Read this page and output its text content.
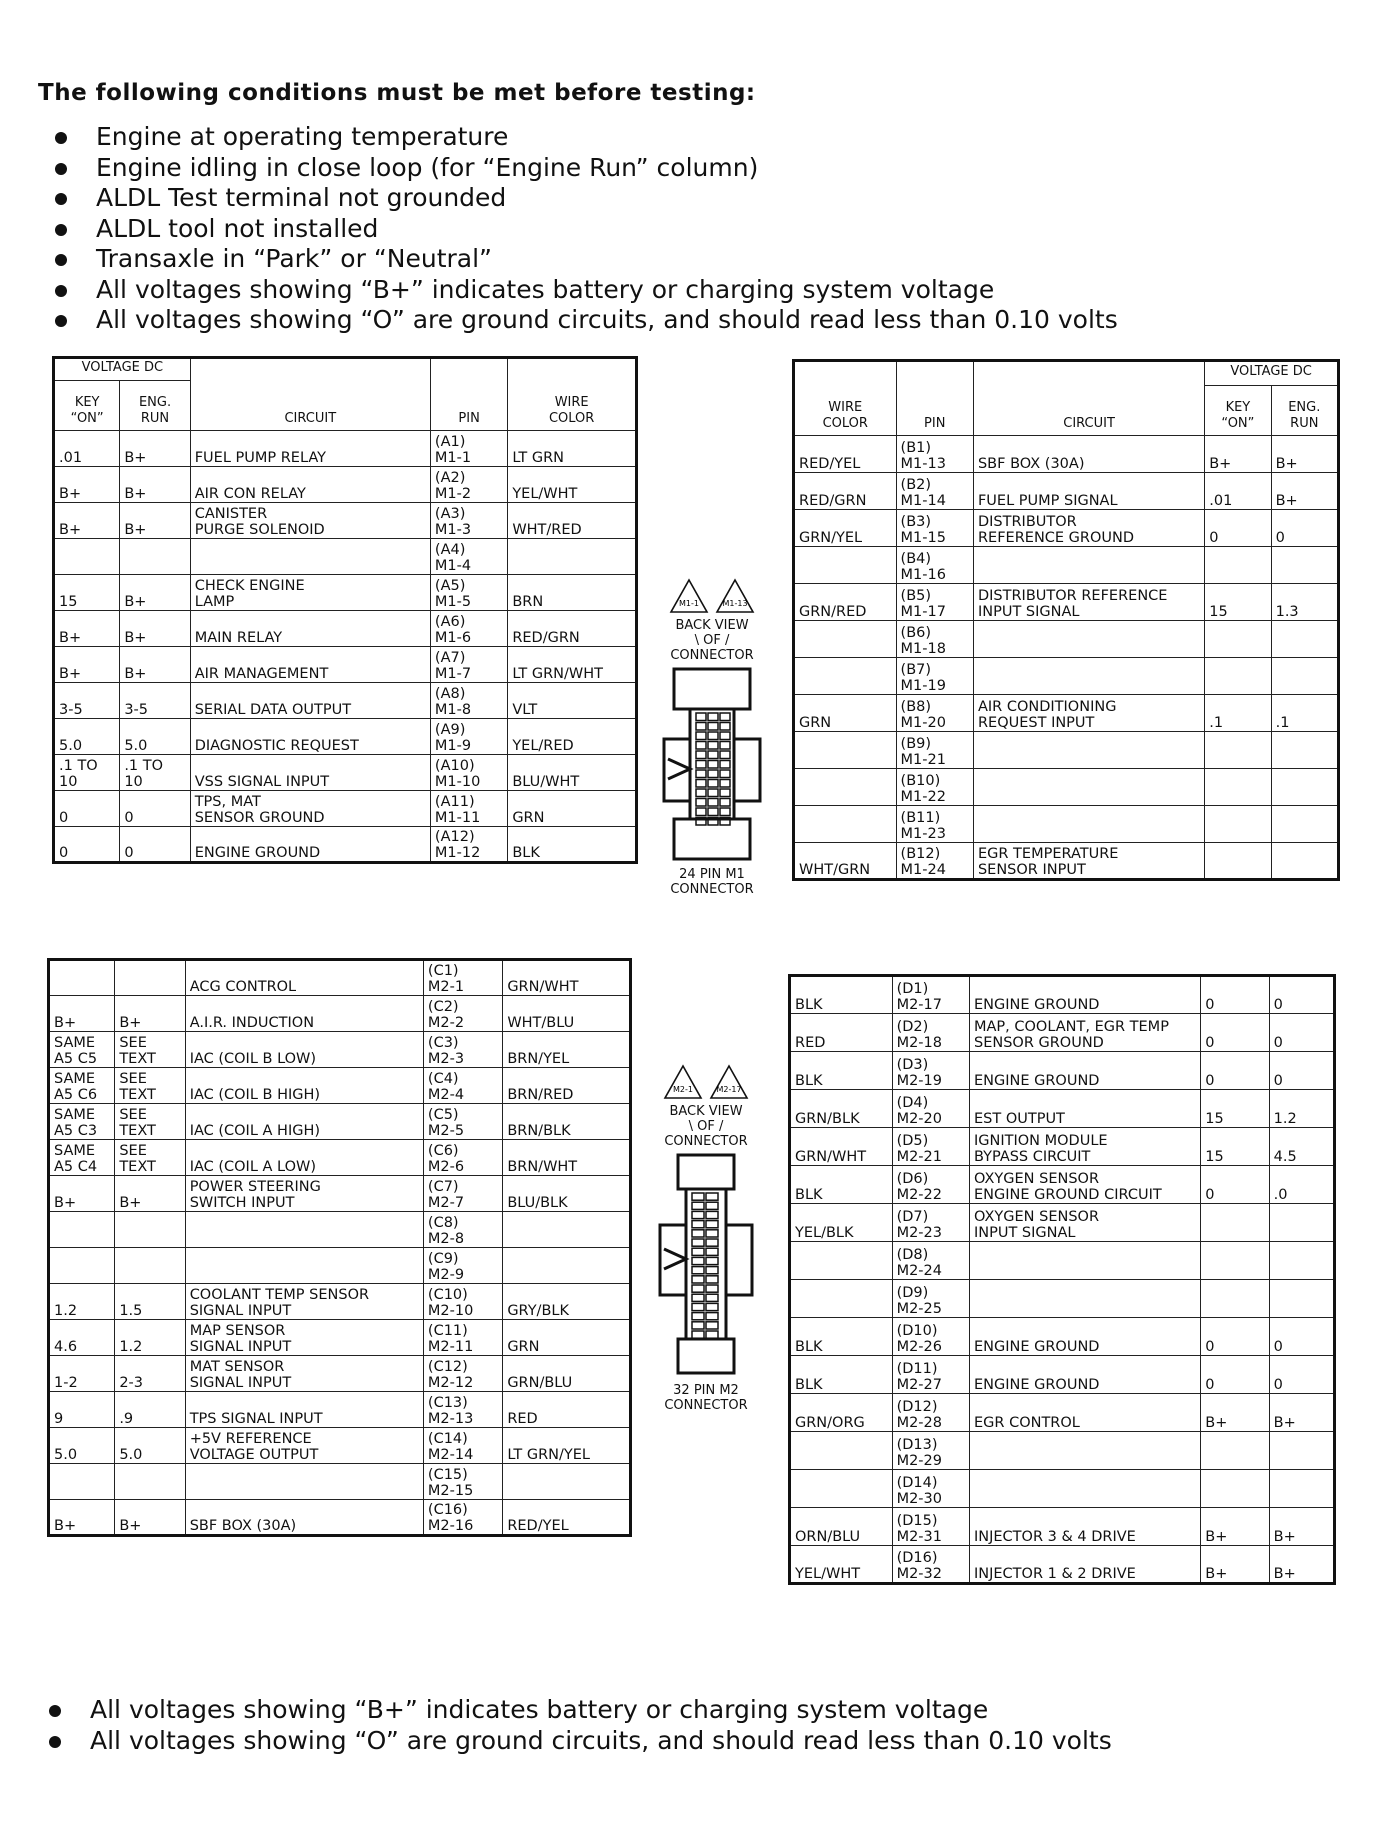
The following conditions must be met before testing:
Engine at operating temperature
Engine idling in close loop (for “Engine Run” column)
ALDL Test terminal not grounded
ALDL tool not installed
Transaxle in “Park” or “Neutral”
All voltages showing “B+” indicates battery or charging system voltage
All voltages showing “O” are ground circuits, and should read less than 0.10 volts
VOLTAGE DC		CIRCUIT	PIN	WIRE
COLOR
KEY
“ON”	ENG.
RUN			
.01	B+	FUEL PUMP RELAY	(A1)
M1-1	LT GRN
B+	B+	AIR CON RELAY	(A2)
M1-2	YEL/WHT
B+	B+	CANISTER
PURGE SOLENOID	(A3)
M1-3	WHT/RED
			(A4)
M1-4	
15	B+	CHECK ENGINE
LAMP	(A5)
M1-5	BRN
B+	B+	MAIN RELAY	(A6)
M1-6	RED/GRN
B+	B+	AIR MANAGEMENT	(A7)
M1-7	LT GRN/WHT
3-5	3-5	SERIAL DATA OUTPUT	(A8)
M1-8	VLT
5.0	5.0	DIAGNOSTIC REQUEST	(A9)
M1-9	YEL/RED
.1 TO
10	.1 TO
10	VSS SIGNAL INPUT	(A10)
M1-10	BLU/WHT
0	0	TPS, MAT
SENSOR GROUND	(A11)
M1-11	GRN
0	0	ENGINE GROUND	(A12)
M1-12	BLK
		ACG CONTROL	(C1)
M2-1	GRN/WHT
B+	B+	A.I.R. INDUCTION	(C2)
M2-2	WHT/BLU
SAME
A5 C5	SEE
TEXT	IAC (COIL B LOW)	(C3)
M2-3	BRN/YEL
SAME
A5 C6	SEE
TEXT	IAC (COIL B HIGH)	(C4)
M2-4	BRN/RED
SAME
A5 C3	SEE
TEXT	IAC (COIL A HIGH)	(C5)
M2-5	BRN/BLK
SAME
A5 C4	SEE
TEXT	IAC (COIL A LOW)	(C6)
M2-6	BRN/WHT
B+	B+	POWER STEERING
SWITCH INPUT	(C7)
M2-7	BLU/BLK
			(C8)
M2-8	
			(C9)
M2-9	
1.2	1.5	COOLANT TEMP SENSOR
SIGNAL INPUT	(C10)
M2-10	GRY/BLK
4.6	1.2	MAP SENSOR
SIGNAL INPUT	(C11)
M2-11	GRN
1-2	2-3	MAT SENSOR
SIGNAL INPUT	(C12)
M2-12	GRN/BLU
9	.9	TPS SIGNAL INPUT	(C13)
M2-13	RED
5.0	5.0	+5V REFERENCE
VOLTAGE OUTPUT	(C14)
M2-14	LT GRN/YEL
			(C15)
M2-15	
B+	B+	SBF BOX (30A)	(C16)
M2-16	RED/YEL
WIRE
COLOR	PIN	CIRCUIT	VOLTAGE DC	
			KEY
“ON”	ENG.
RUN
RED/YEL	(B1)
M1-13	SBF BOX (30A)	B+	B+
RED/GRN	(B2)
M1-14	FUEL PUMP SIGNAL	.01	B+
GRN/YEL	(B3)
M1-15	DISTRIBUTOR
REFERENCE GROUND	0	0
	(B4)
M1-16			
GRN/RED	(B5)
M1-17	DISTRIBUTOR REFERENCE
INPUT SIGNAL	15	1.3
	(B6)
M1-18			
	(B7)
M1-19			
GRN	(B8)
M1-20	AIR CONDITIONING
REQUEST INPUT	.1	.1
	(B9)
M1-21			
	(B10)
M1-22			
	(B11)
M1-23			
WHT/GRN	(B12)
M1-24	EGR TEMPERATURE
SENSOR INPUT		
BLK	(D1)
M2-17	ENGINE GROUND	0	0
RED	(D2)
M2-18	MAP, COOLANT, EGR TEMP
SENSOR GROUND	0	0
BLK	(D3)
M2-19	ENGINE GROUND	0	0
GRN/BLK	(D4)
M2-20	EST OUTPUT	15	1.2
GRN/WHT	(D5)
M2-21	IGNITION MODULE
BYPASS CIRCUIT	15	4.5
BLK	(D6)
M2-22	OXYGEN SENSOR
ENGINE GROUND CIRCUIT	0	.0
YEL/BLK	(D7)
M2-23	OXYGEN SENSOR
INPUT SIGNAL		
	(D8)
M2-24			
	(D9)
M2-25			
BLK	(D10)
M2-26	ENGINE GROUND	0	0
BLK	(D11)
M2-27	ENGINE GROUND	0	0
GRN/ORG	(D12)
M2-28	EGR CONTROL	B+	B+
	(D13)
M2-29			
	(D14)
M2-30			
ORN/BLU	(D15)
M2-31	INJECTOR 3 & 4 DRIVE	B+	B+
YEL/WHT	(D16)
M2-32	INJECTOR 1 & 2 DRIVE	B+	B+
M1-1	M1-13
BACK VIEW
\ OF /
CONNECTOR
24 PIN M1
CONNECTOR
M2-1	M2-17
BACK VIEW
\ OF /
CONNECTOR
32 PIN M2
CONNECTOR
All voltages showing “B+” indicates battery or charging system voltage
All voltages showing “O” are ground circuits, and should read less than 0.10 volts
